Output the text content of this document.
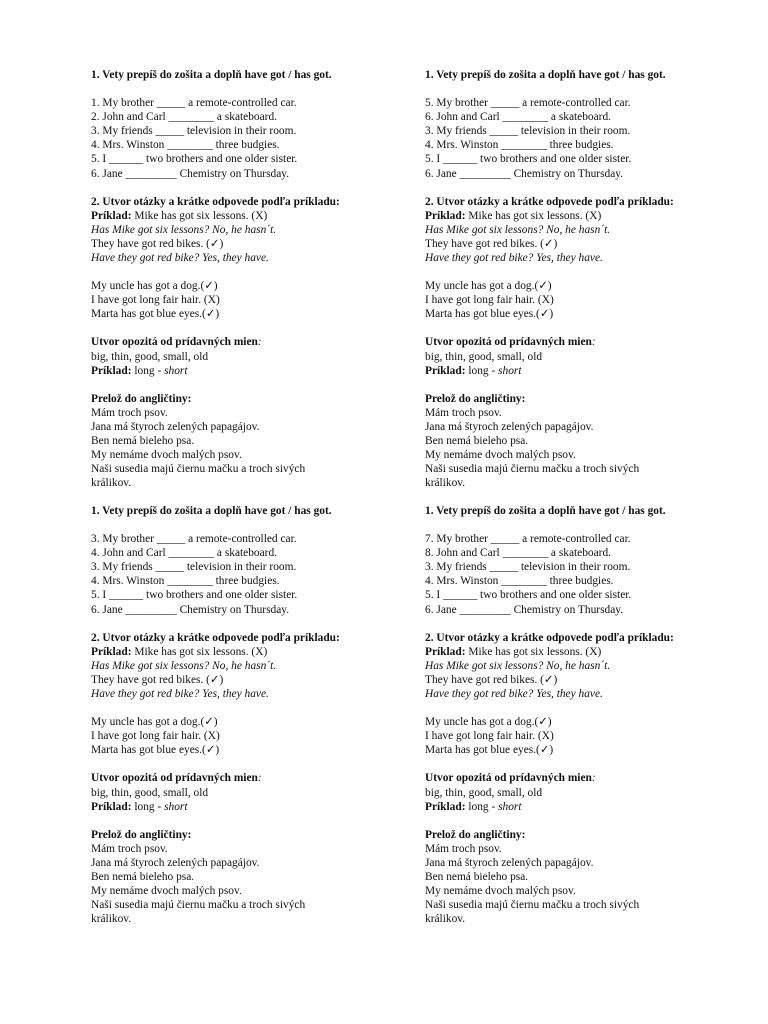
1. Vety prepíš do zošita a doplň have got / has got.
1. My brother _____ a remote-controlled car.
2. John and Carl ________ a skateboard.
3. My friends _____ television in their room.
4. Mrs. Winston ________ three budgies.
5. I ______ two brothers and one older sister.
6. Jane _________ Chemistry on Thursday.
2. Utvor otázky a krátke odpovede podľa príkladu:
Príklad: Mike has got six lessons. (X)
Has Mike got six lessons? No, he hasn´t.
They have got red bikes. (✓)
Have they got red bike? Yes, they have.
My uncle has got a dog.(✓)
I have got long fair hair. (X)
Marta has got blue eyes.(✓)
Utvor opozitá od prídavných mien:
big, thin, good, small, old
Príklad: long - short
Prelož do angličtiny:
Mám troch psov.
Jana má štyroch zelených papagájov.
Ben nemá bieleho psa.
My nemáme dvoch malých psov.
Naši susedia majú čiernu mačku a troch sivých
králikov.
1. Vety prepíš do zošita a doplň have got / has got.
5. My brother _____ a remote-controlled car.
6. John and Carl ________ a skateboard.
3. My friends _____ television in their room.
4. Mrs. Winston ________ three budgies.
5. I ______ two brothers and one older sister.
6. Jane _________ Chemistry on Thursday.
2. Utvor otázky a krátke odpovede podľa príkladu:
Príklad: Mike has got six lessons. (X)
Has Mike got six lessons? No, he hasn´t.
They have got red bikes. (✓)
Have they got red bike? Yes, they have.
My uncle has got a dog.(✓)
I have got long fair hair. (X)
Marta has got blue eyes.(✓)
Utvor opozitá od prídavných mien:
big, thin, good, small, old
Príklad: long - short
Prelož do angličtiny:
Mám troch psov.
Jana má štyroch zelených papagájov.
Ben nemá bieleho psa.
My nemáme dvoch malých psov.
Naši susedia majú čiernu mačku a troch sivých
králikov.
1. Vety prepíš do zošita a doplň have got / has got.
3. My brother _____ a remote-controlled car.
4. John and Carl ________ a skateboard.
3. My friends _____ television in their room.
4. Mrs. Winston ________ three budgies.
5. I ______ two brothers and one older sister.
6. Jane _________ Chemistry on Thursday.
2. Utvor otázky a krátke odpovede podľa príkladu:
Príklad: Mike has got six lessons. (X)
Has Mike got six lessons? No, he hasn´t.
They have got red bikes. (✓)
Have they got red bike? Yes, they have.
My uncle has got a dog.(✓)
I have got long fair hair. (X)
Marta has got blue eyes.(✓)
Utvor opozitá od prídavných mien:
big, thin, good, small, old
Príklad: long - short
Prelož do angličtiny:
Mám troch psov.
Jana má štyroch zelených papagájov.
Ben nemá bieleho psa.
My nemáme dvoch malých psov.
Naši susedia majú čiernu mačku a troch sivých
králikov.
1. Vety prepíš do zošita a doplň have got / has got.
7. My brother _____ a remote-controlled car.
8. John and Carl ________ a skateboard.
3. My friends _____ television in their room.
4. Mrs. Winston ________ three budgies.
5. I ______ two brothers and one older sister.
6. Jane _________ Chemistry on Thursday.
2. Utvor otázky a krátke odpovede podľa príkladu:
Príklad: Mike has got six lessons. (X)
Has Mike got six lessons? No, he hasn´t.
They have got red bikes. (✓)
Have they got red bike? Yes, they have.
My uncle has got a dog.(✓)
I have got long fair hair. (X)
Marta has got blue eyes.(✓)
Utvor opozitá od prídavných mien:
big, thin, good, small, old
Príklad: long - short
Prelož do angličtiny:
Mám troch psov.
Jana má štyroch zelených papagájov.
Ben nemá bieleho psa.
My nemáme dvoch malých psov.
Naši susedia majú čiernu mačku a troch sivých
králikov.
